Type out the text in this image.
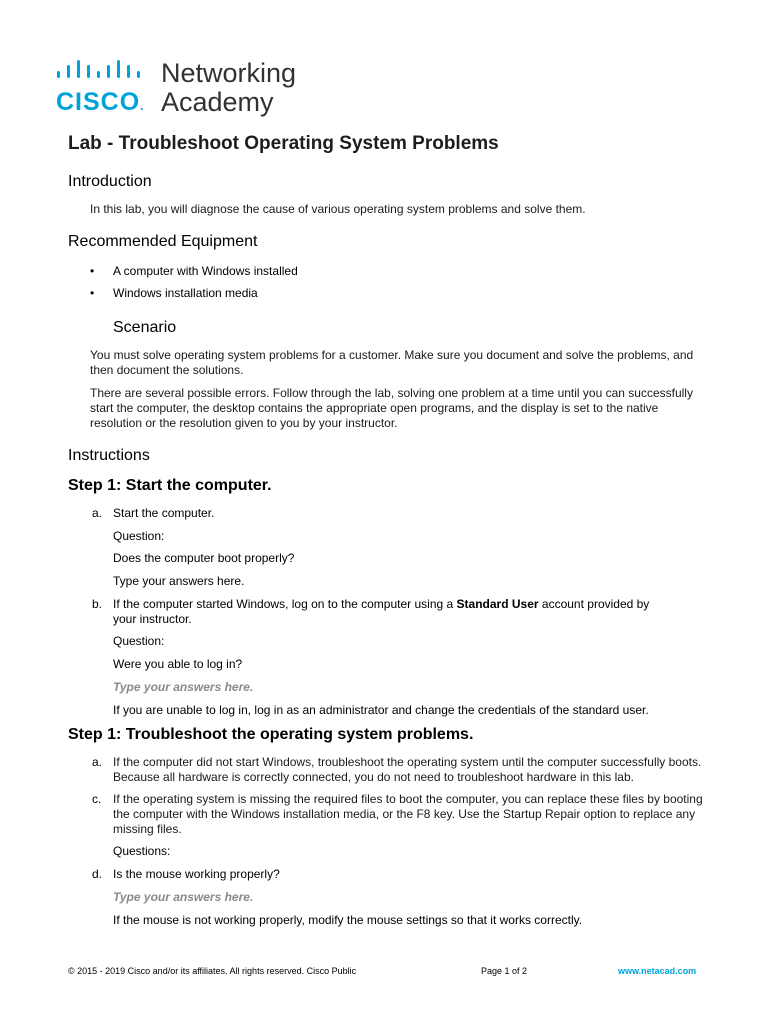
CISCO.
Networking
Academy
Lab - Troubleshoot Operating System Problems
Introduction

In this lab, you will diagnose the cause of various operating system problems and solve them.

Recommended Equipment
• A computer with Windows installed
• Windows installation media
Scenario

You must solve operating system problems for a customer. Make sure you document and solve the problems, and then document the solutions.

There are several possible errors. Follow through the lab, solving one problem at a time until you can successfully start the computer, the desktop contains the appropriate open programs, and the display is set to the native resolution or the resolution given to you by your instructor.

Instructions
Step 1: Start the computer.
a. Start the computer.
Question:
Does the computer boot properly?
Type your answers here.
b. If the computer started Windows, log on to the computer using a Standard User account provided by
your instructor.
Question:
Were you able to log in?
Type your answers here.
If you are unable to log in, log in as an administrator and change the credentials of the standard user.
Step 1: Troubleshoot the operating system problems.
a. If the computer did not start Windows, troubleshoot the operating system until the computer successfully boots. Because all hardware is correctly connected, you do not need to troubleshoot hardware in this lab.

c. If the operating system is missing the required files to boot the computer, you can replace these files by booting the computer with the Windows installation media, or the F8 key. Use the Startup Repair option to replace any missing files.

Questions:
d. Is the mouse working properly?
Type your answers here.
If the mouse is not working properly, modify the mouse settings so that it works correctly.
© 2015 - 2019 Cisco and/or its affiliates. All rights reserved. Cisco Public	Page 1 of 2	www.netacad.com
